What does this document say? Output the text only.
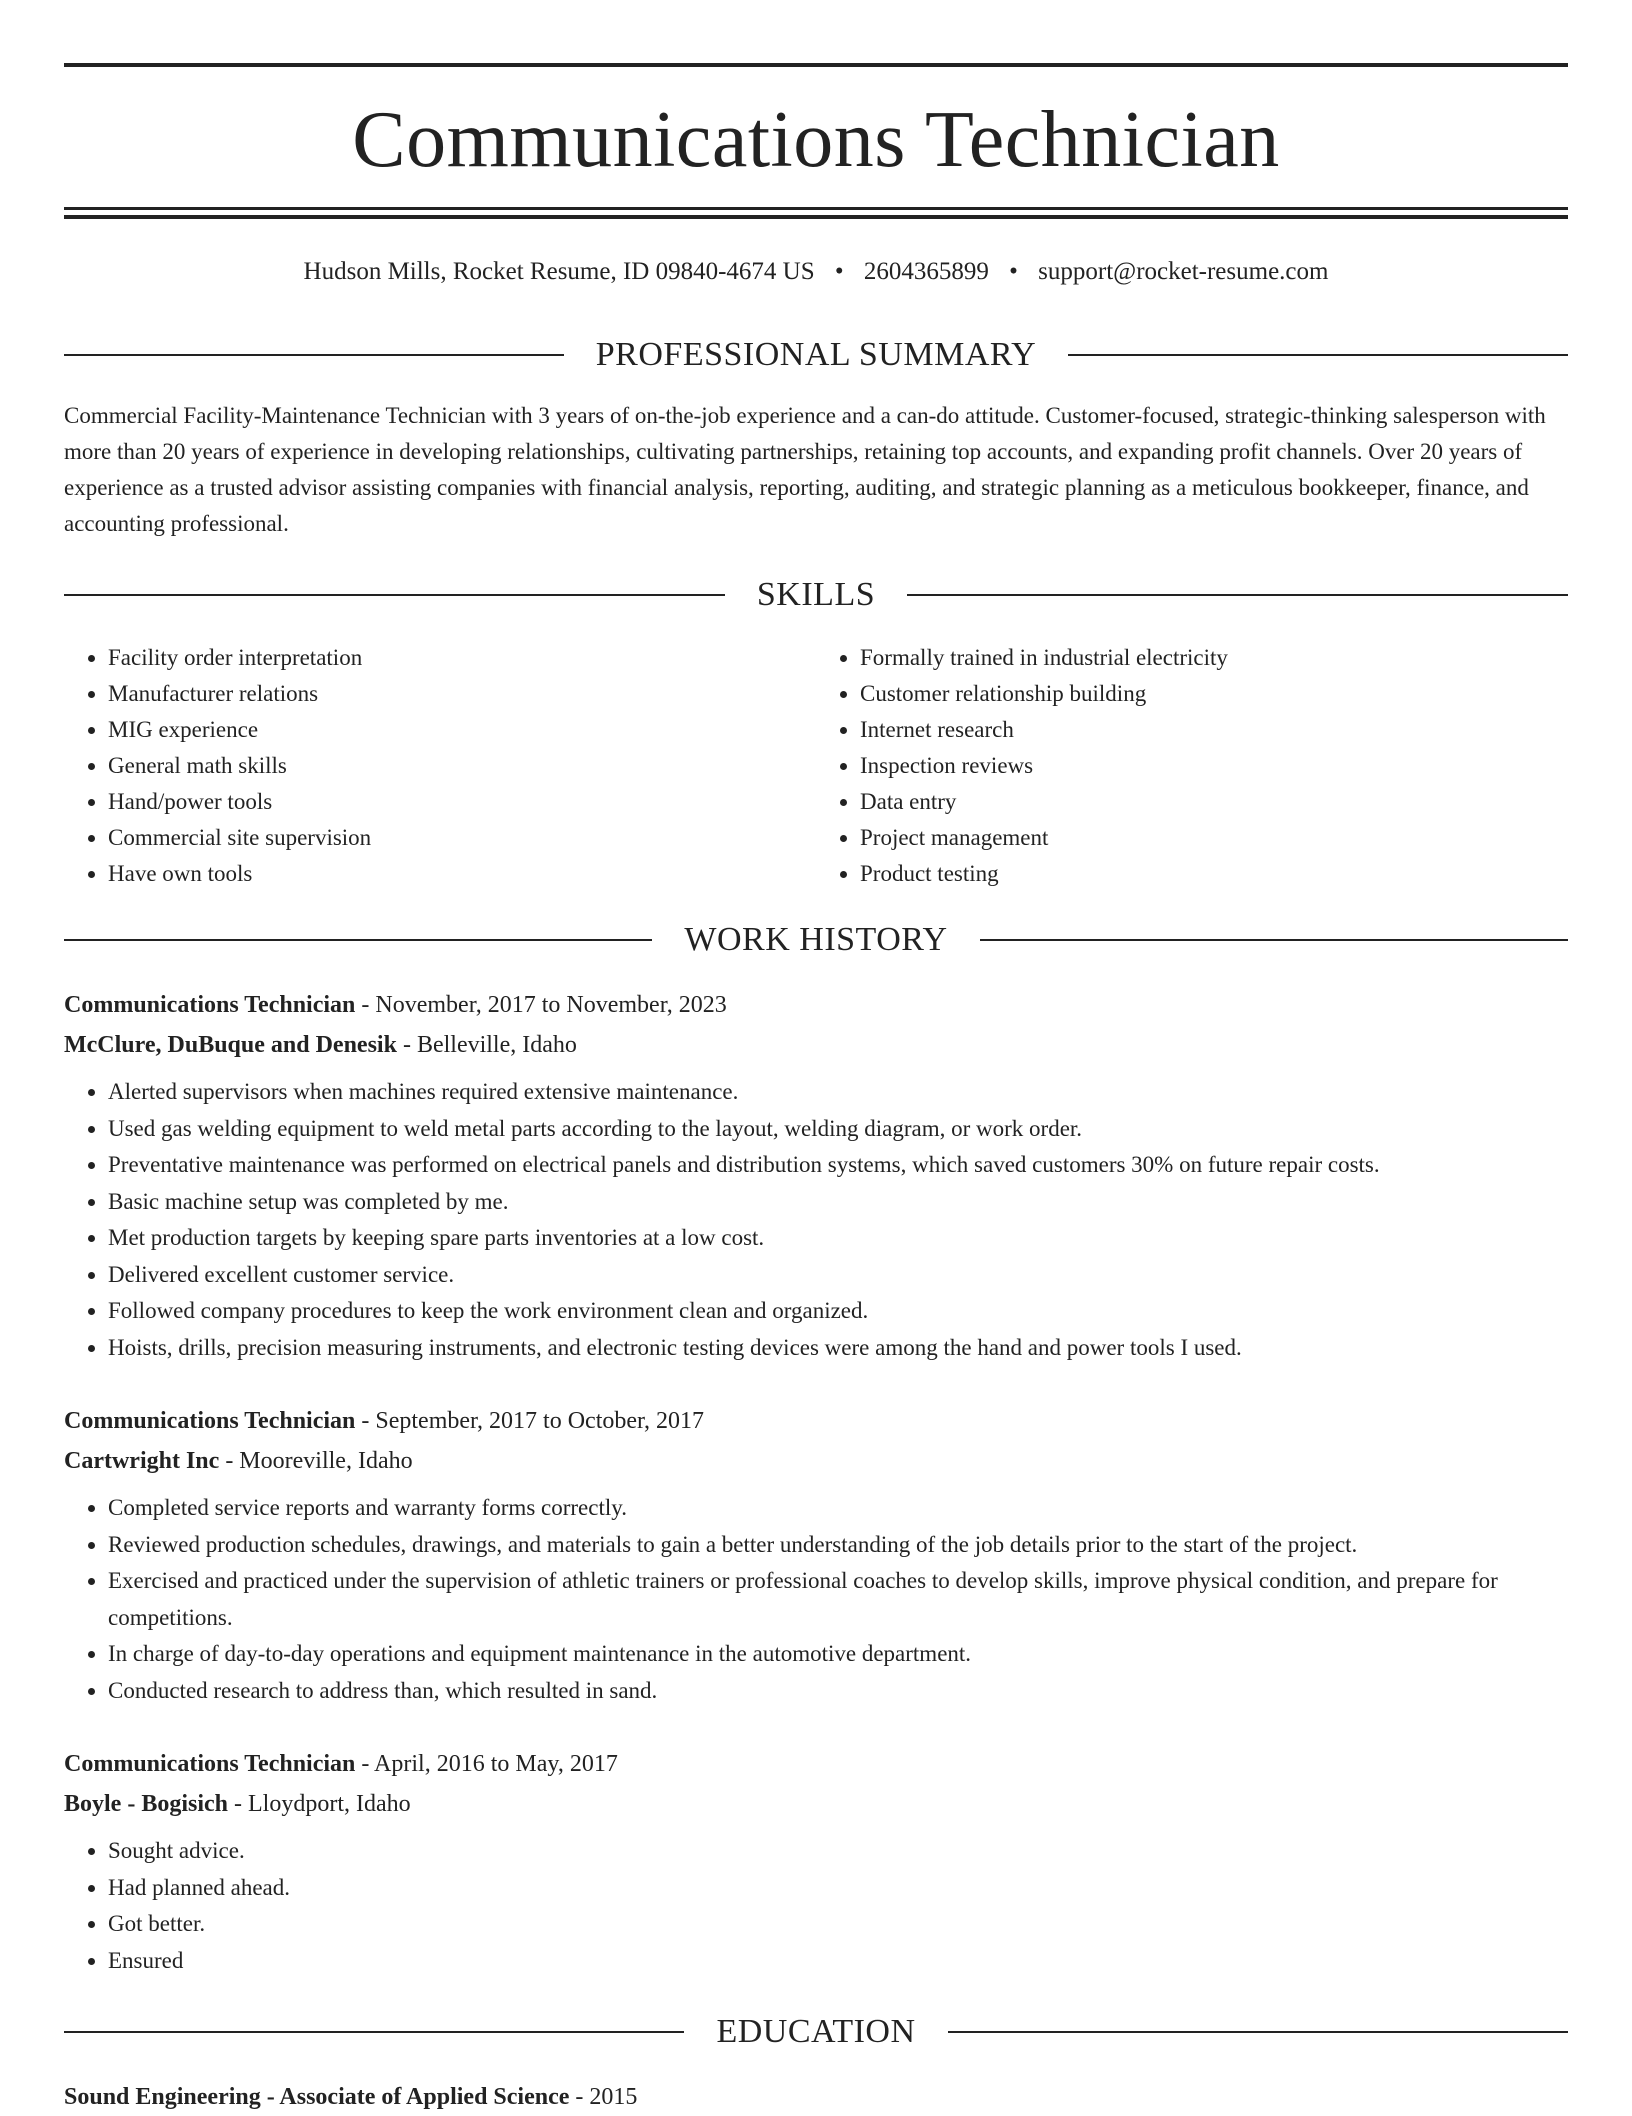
Communications Technician
Hudson Mills, Rocket Resume, ID 09840-4674 US • 2604365899 • support@rocket-resume.com
PROFESSIONAL SUMMARY

Commercial Facility-Maintenance Technician with 3 years of on-the-job experience and a can-do attitude. Customer-focused, strategic-thinking salesperson with more than 20 years of experience in developing relationships, cultivating partnerships, retaining top accounts, and expanding profit channels. Over 20 years of experience as a trusted advisor assisting companies with financial analysis, reporting, auditing, and strategic planning as a meticulous bookkeeper, finance, and accounting professional.

SKILLS
• Facility order interpretation
• Manufacturer relations
• MIG experience
• General math skills
• Hand/power tools
• Commercial site supervision
• Have own tools
• Formally trained in industrial electricity
• Customer relationship building
• Internet research
• Inspection reviews
• Data entry
• Project management
• Product testing
WORK HISTORY
Communications Technician - November, 2017 to November, 2023
McClure, DuBuque and Denesik - Belleville, Idaho
• Alerted supervisors when machines required extensive maintenance.
• Used gas welding equipment to weld metal parts according to the layout, welding diagram, or work order.
• Preventative maintenance was performed on electrical panels and distribution systems, which saved customers 30% on future repair costs.
• Basic machine setup was completed by me.
• Met production targets by keeping spare parts inventories at a low cost.
• Delivered excellent customer service.
• Followed company procedures to keep the work environment clean and organized.
• Hoists, drills, precision measuring instruments, and electronic testing devices were among the hand and power tools I used.
Communications Technician - September, 2017 to October, 2017
Cartwright Inc - Mooreville, Idaho
• Completed service reports and warranty forms correctly.
• Reviewed production schedules, drawings, and materials to gain a better understanding of the job details prior to the start of the project.
• Exercised and practiced under the supervision of athletic trainers or professional coaches to develop skills, improve physical condition, and prepare for competitions.
• In charge of day-to-day operations and equipment maintenance in the automotive department.
• Conducted research to address than, which resulted in sand.
Communications Technician - April, 2016 to May, 2017
Boyle - Bogisich - Lloydport, Idaho
• Sought advice.
• Had planned ahead.
• Got better.
• Ensured
EDUCATION
Sound Engineering - Associate of Applied Science - 2015
